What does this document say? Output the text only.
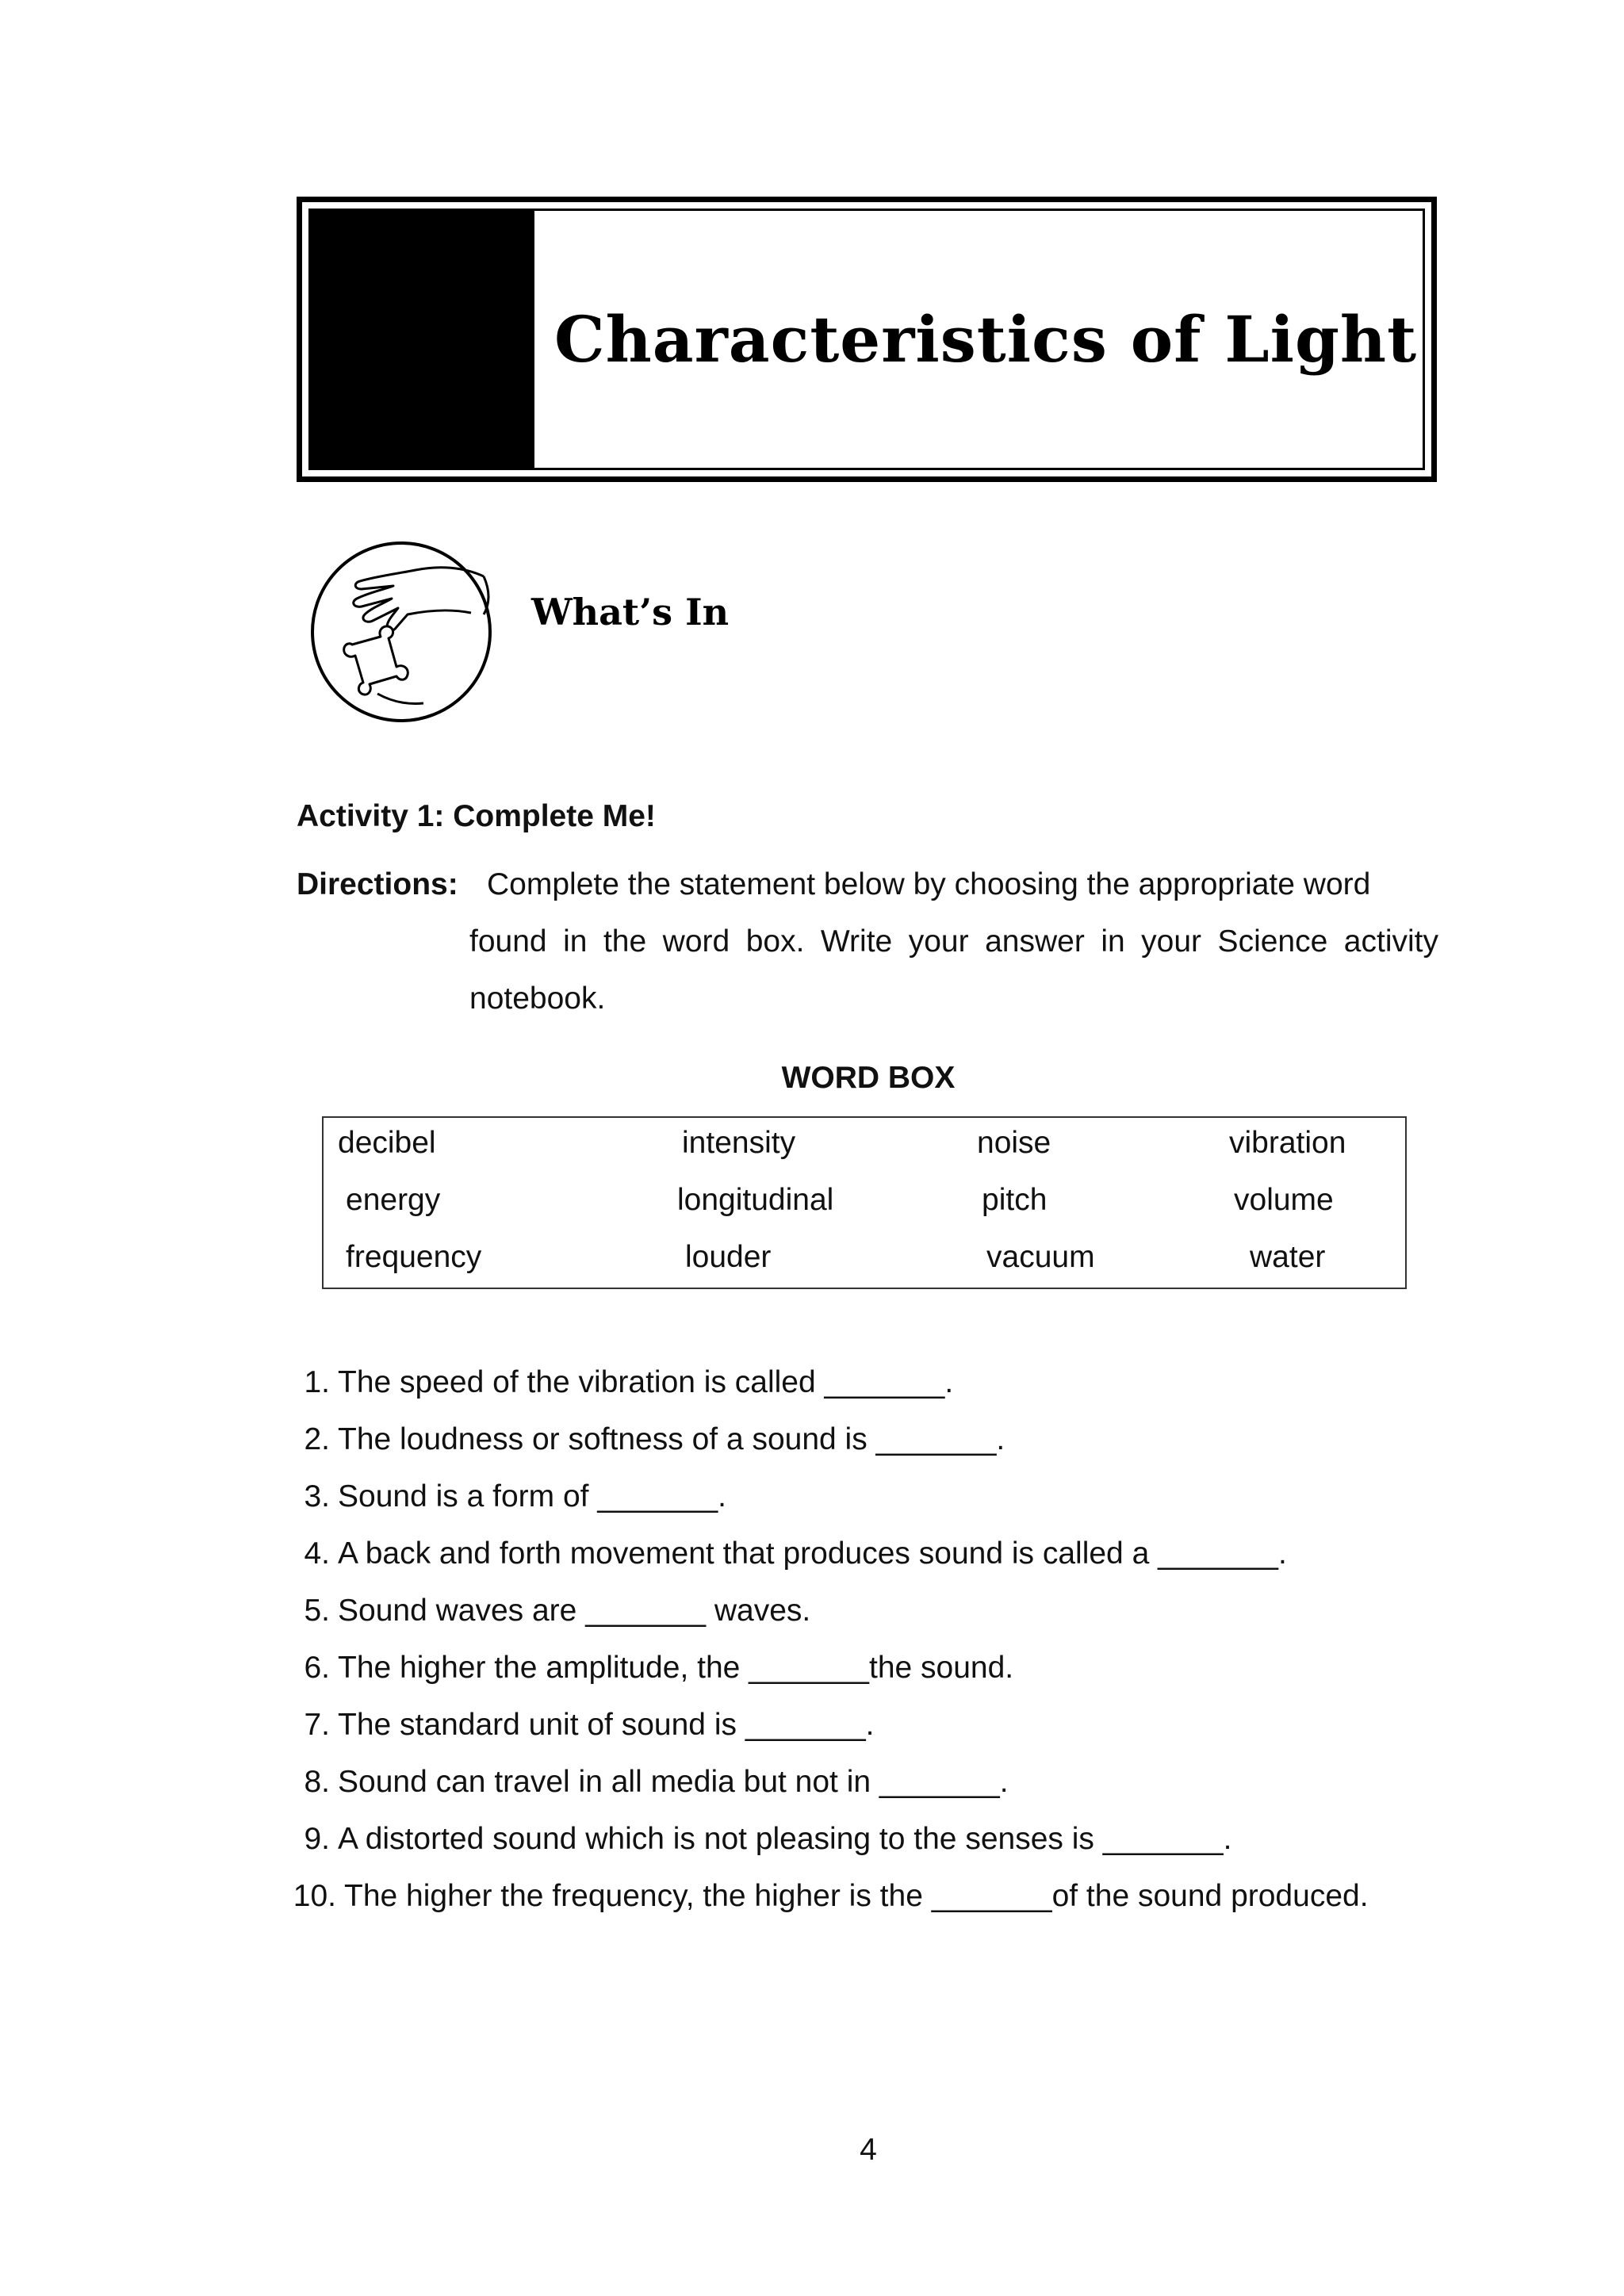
Characteristics of Light
What’s In
Activity 1: Complete Me!
Directions: Complete the statement below by choosing the appropriate word
found in the word box. Write your answer in your Science activity notebook.
WORD BOX
decibel	intensity	noise	vibration
energy	longitudinal	pitch	volume
frequency	louder	vacuum	water
1. The speed of the vibration is called _______.
2. The loudness or softness of a sound is _______.
3. Sound is a form of _______.
4. A back and forth movement that produces sound is called a _______.
5. Sound waves are _______ waves.
6. The higher the amplitude, the _______the sound.
7. The standard unit of sound is _______.
8. Sound can travel in all media but not in _______.
9. A distorted sound which is not pleasing to the senses is _______.
10. The higher the frequency, the higher is the _______of the sound produced.
4
